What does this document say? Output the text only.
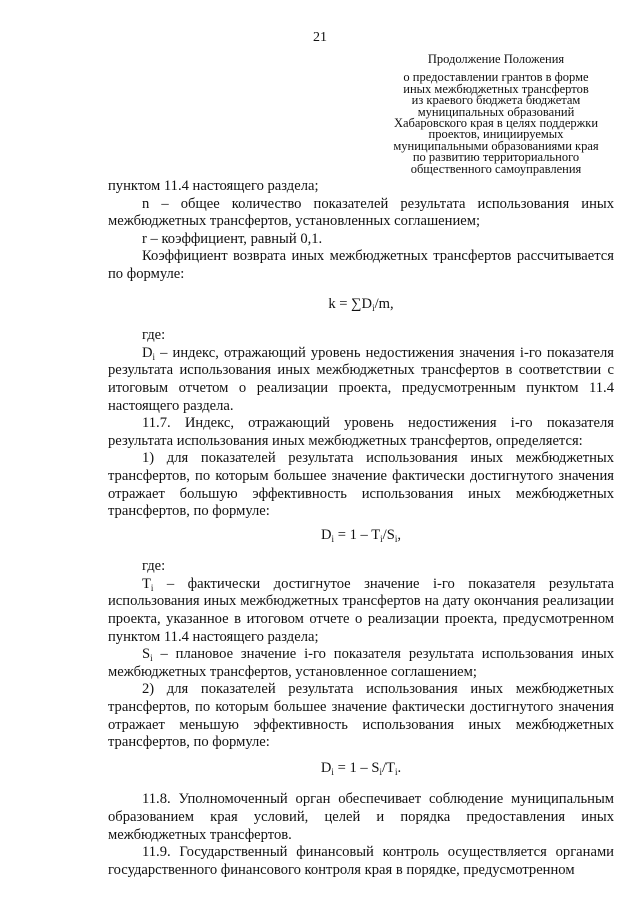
21
Продолжение Положения
о предоставлении грантов в форме
иных межбюджетных трансфертов
из краевого бюджета бюджетам
муниципальных образований
Хабаровского края в целях поддержки
проектов, инициируемых
муниципальными образованиями края
по развитию территориального
общественного самоуправления

пунктом 11.4 настоящего раздела;

n – общее количество показателей результата использования иных межбюджетных трансфертов, установленных соглашением;

r – коэффициент, равный 0,1.

Коэффициент возврата иных межбюджетных трансфертов рассчитывается по формуле:

$k = \sum D_i/m$,

где:

$D_i$ – индекс, отражающий уровень недостижения значения i-го показателя результата использования иных межбюджетных трансфертов в соответствии с итоговым отчетом о реализации проекта, предусмотренным пунктом 11.4 настоящего раздела.

11.7. Индекс, отражающий уровень недостижения i-го показателя результата использования иных межбюджетных трансфертов, определяется:

1) для показателей результата использования иных межбюджетных трансфертов, по которым большее значение фактически достигнутого значения отражает большую эффективность использования иных межбюджетных трансфертов, по формуле:

$D_i = 1 - T_i/S_i$,

где:

$T_i$ – фактически достигнутое значение i-го показателя результата использования иных межбюджетных трансфертов на дату окончания реализации проекта, указанное в итоговом отчете о реализации проекта, предусмотренном пунктом 11.4 настоящего раздела;

$S_i$ – плановое значение i-го показателя результата использования иных межбюджетных трансфертов, установленное соглашением;

2) для показателей результата использования иных межбюджетных трансфертов, по которым большее значение фактически достигнутого значения отражает меньшую эффективность использования иных межбюджетных трансфертов, по формуле:

$D_i = 1 - S_i/T_i$.

11.8. Уполномоченный орган обеспечивает соблюдение муниципальным образованием края условий, целей и порядка предоставления иных межбюджетных трансфертов.

11.9. Государственный финансовый контроль осуществляется органами государственного финансового контроля края в порядке, предусмотренном
